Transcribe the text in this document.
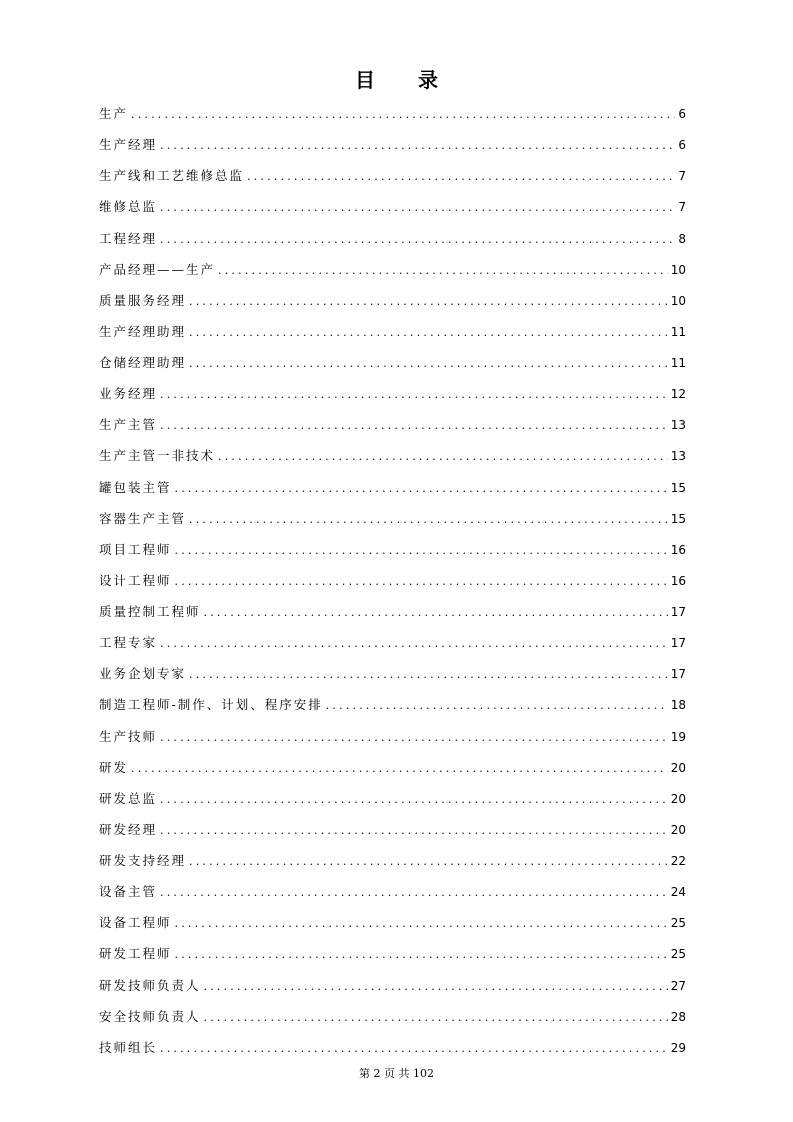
目 录
生产 .....	6
生产经理 .....	6
生产线和工艺维修总监 .....	7
维修总监 .....	7
工程经理 .....	8
产品经理——生产 .....	10
质量服务经理 .....	10
生产经理助理 .....	11
仓储经理助理 .....	11
业务经理 .....	12
生产主管 .....	13
生产主管一非技术 .....	13
罐包装主管 .....	15
容器生产主管 .....	15
项目工程师 .....	16
设计工程师 .....	16
质量控制工程师 .....	17
工程专家 .....	17
业务企划专家 .....	17
制造工程师-制作、计划、程序安排 .....	18
生产技师 .....	19
研发 .....	20
研发总监 .....	20
研发经理 .....	20
研发支持经理 .....	22
设备主管 .....	24
设备工程师 .....	25
研发工程师 .....	25
研发技师负责人 .....	27
安全技师负责人 .....	28
技师组长 .....	29
第 2 页 共 102
